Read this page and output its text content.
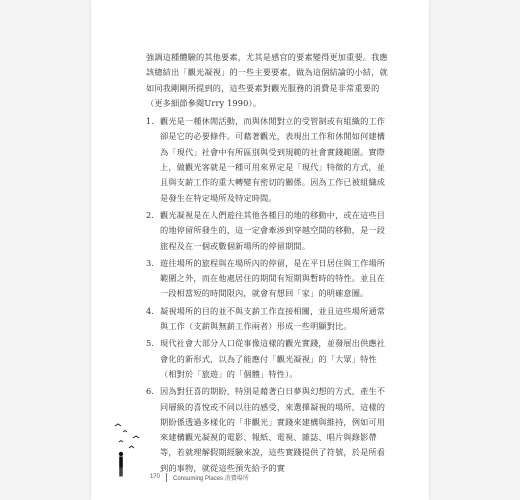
強調這種體驗的其他要素，尤其是感官的要素變得更加重要。我應該總結出「觀光凝視」的一些主要要素，做為這個結論的小結，就如同我剛剛所提到的，這些要素對觀光服務的消費是非常重要的（更多細節參閱Urry 1990）。

1. 觀光是一種休閒活動，而與休閒對立的受管制或有組織的工作卻是它的必要條件。可藉著觀光，表現出工作和休閒如何建構為「現代」社會中有所區別與受到規範的社會實踐範圍。實際上，做觀光客就是一種可用來界定是「現代」特徵的方式，並且與支薪工作的重大轉變有密切的關係。因為工作已被組織成是發生在特定場所及特定時間。
2. 觀光凝視是在人們遊往其他各種目的地的移動中，或在這些目的地停留所發生的，這一定會牽涉到穿越空間的移動，是一段旅程及在一個或數個新場所的停留期間。
3. 遊往場所的旅程與在場所內的停留，是在平日居住與工作場所範圍之外，而在他處居住的期間有短期與暫時的特性。並且在一段相當短的時間限內，就會有想回「家」的明確意圖。
4. 凝視場所的目的並不與支薪工作直接相關，並且這些場所通常與工作（支薪與無薪工作兩者）形成一些明顯對比。
5. 現代社會大部分人口從事像這樣的觀光實踐，並發展出供應社會化的新形式，以為了能應付「觀光凝視」的「大眾」特性（相對於「旅遊」的「個體」特性）。
6. 因為對狂喜的期盼，特別是藉著白日夢與幻想的方式，產生不同層級的喜悅或不同以往的感受，來選擇凝視的場所，這樣的期盼係透過多樣化的「非觀光」實踐來建構與維持，例如可用來建構觀光凝視的電影、報紙、電視、雜誌、唱片與錄影帶等，若就理解假期經驗來說，這些實踐提供了符號，於是所看到的事物，就從這些預先給予的實
170 Consuming Places 消費場所
